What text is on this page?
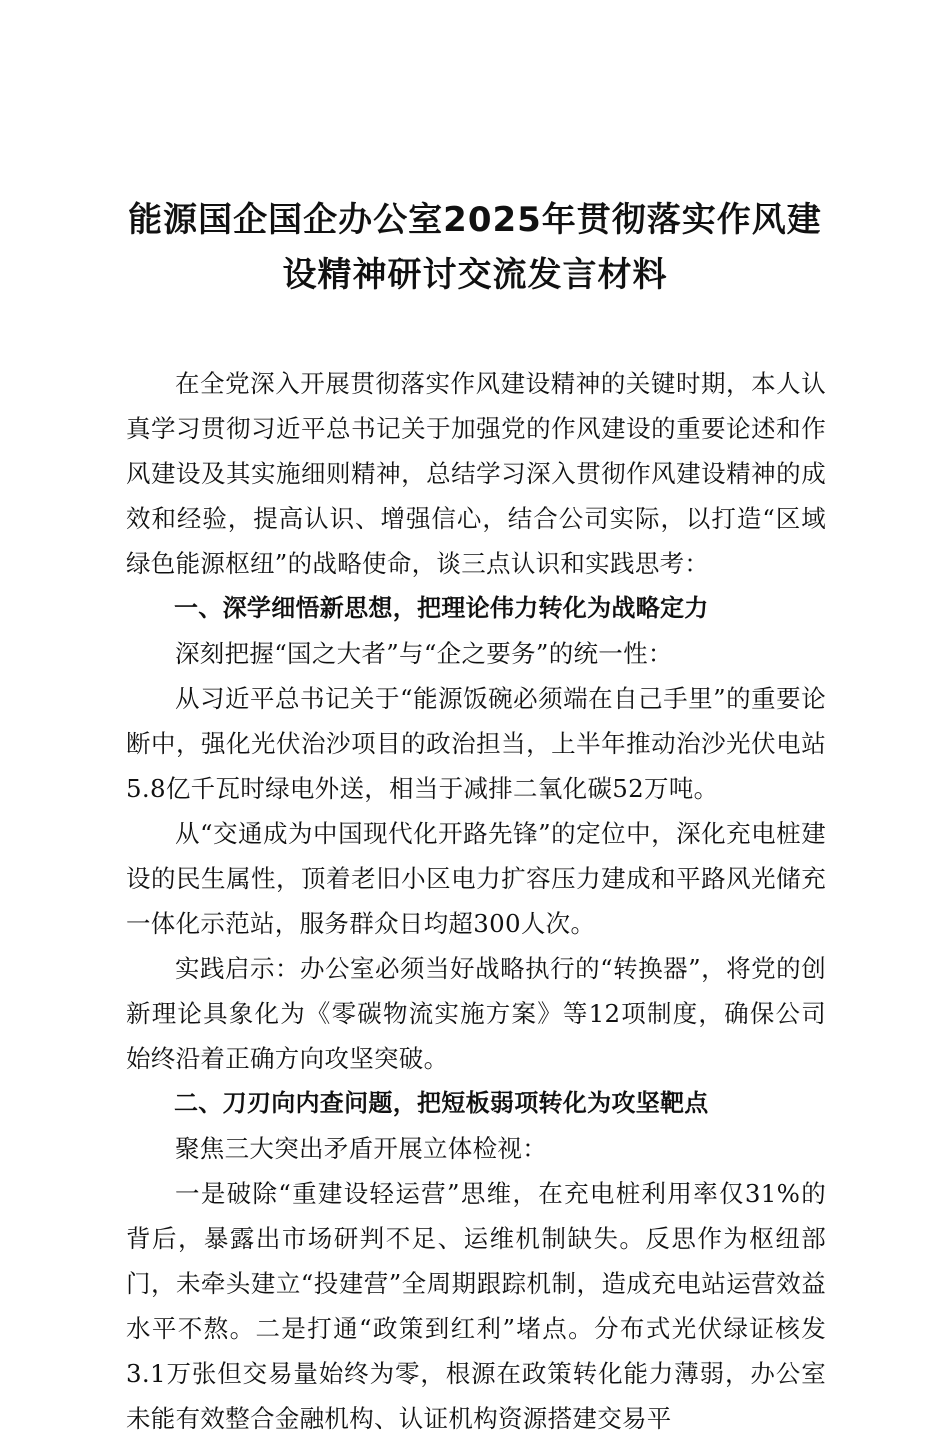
能源国企国企办公室2025年贯彻落实作风建
设精神研讨交流发言材料

在全党深入开展贯彻落实作风建设精神的关键时期，本人认真学习贯彻习近平总书记关于加强党的作风建设的重要论述和作风建设及其实施细则精神，总结学习深入贯彻作风建设精神的成效和经验，提高认识、增强信心，结合公司实际，以打造“区域绿色能源枢纽”的战略使命，谈三点认识和实践思考：

一、深学细悟新思想，把理论伟力转化为战略定力

深刻把握“国之大者”与“企之要务”的统一性：

从习近平总书记关于“能源饭碗必须端在自己手里”的重要论断中，强化光伏治沙项目的政治担当，上半年推动治沙光伏电站5.8亿千瓦时绿电外送，相当于减排二氧化碳52万吨。

从“交通成为中国现代化开路先锋”的定位中，深化充电桩建设的民生属性，顶着老旧小区电力扩容压力建成和平路风光储充一体化示范站，服务群众日均超300人次。

实践启示：办公室必须当好战略执行的“转换器”，将党的创新理论具象化为《零碳物流实施方案》等12项制度，确保公司始终沿着正确方向攻坚突破。

二、刀刃向内查问题，把短板弱项转化为攻坚靶点

聚焦三大突出矛盾开展立体检视：

一是破除“重建设轻运营”思维，在充电桩利用率仅31%的背后，暴露出市场研判不足、运维机制缺失。反思作为枢纽部门，未牵头建立“投建营”全周期跟踪机制，造成充电站运营效益水平不熬。二是打通“政策到红利”堵点。分布式光伏绿证核发3.1万张但交易量始终为零，根源在政策转化能力薄弱，办公室未能有效整合金融机构、认证机构资源搭建交易平
